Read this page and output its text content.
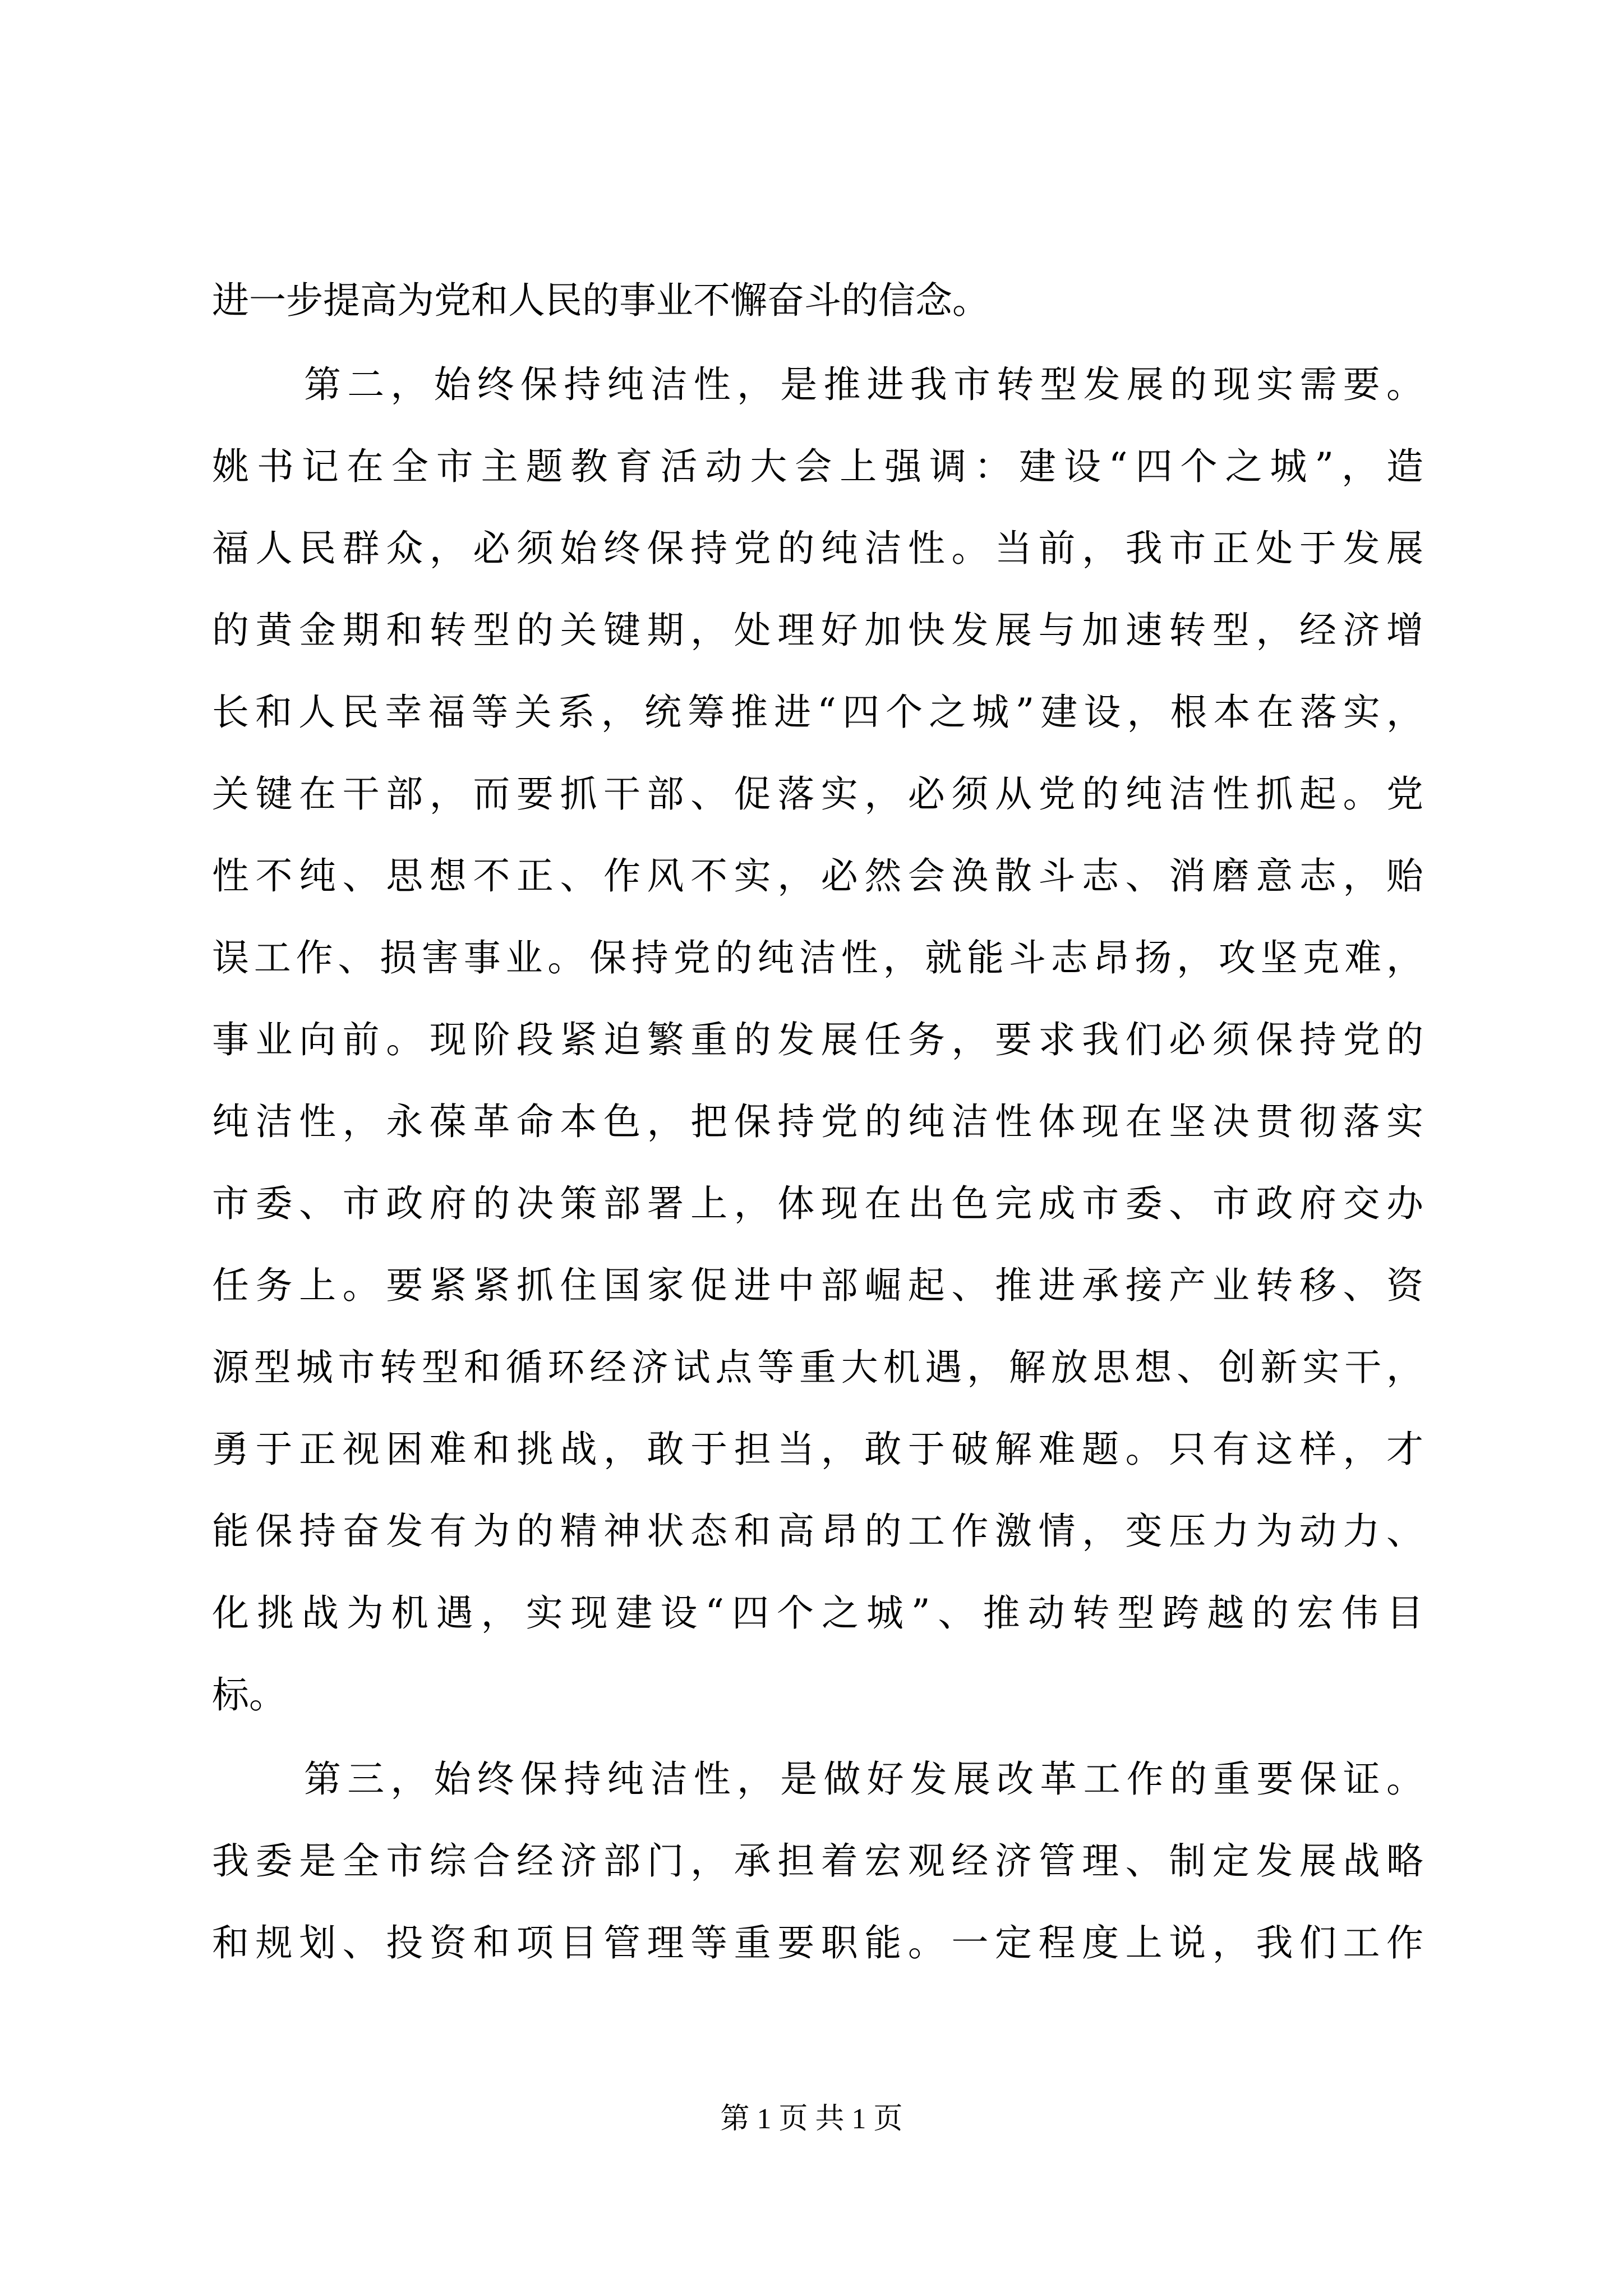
进一步提高为党和人民的事业不懈奋斗的信念。
第二，始终保持纯洁性，是推进我市转型发展的现实需要。
姚书记在全市主题教育活动大会上强调：建设“四个之城”，造
福人民群众，必须始终保持党的纯洁性。当前，我市正处于发展
的黄金期和转型的关键期，处理好加快发展与加速转型，经济增
长和人民幸福等关系，统筹推进“四个之城”建设，根本在落实，
关键在干部，而要抓干部、促落实，必须从党的纯洁性抓起。党
性不纯、思想不正、作风不实，必然会涣散斗志、消磨意志，贻
误工作、损害事业。保持党的纯洁性，就能斗志昂扬，攻坚克难，
事业向前。现阶段紧迫繁重的发展任务，要求我们必须保持党的
纯洁性，永葆革命本色，把保持党的纯洁性体现在坚决贯彻落实
市委、市政府的决策部署上，体现在出色完成市委、市政府交办
任务上。要紧紧抓住国家促进中部崛起、推进承接产业转移、资
源型城市转型和循环经济试点等重大机遇，解放思想、创新实干，
勇于正视困难和挑战，敢于担当，敢于破解难题。只有这样，才
能保持奋发有为的精神状态和高昂的工作激情，变压力为动力、
化挑战为机遇，实现建设“四个之城”、推动转型跨越的宏伟目
标。
第三，始终保持纯洁性，是做好发展改革工作的重要保证。
我委是全市综合经济部门，承担着宏观经济管理、制定发展战略
和规划、投资和项目管理等重要职能。一定程度上说，我们工作
第 1 页 共 1 页
